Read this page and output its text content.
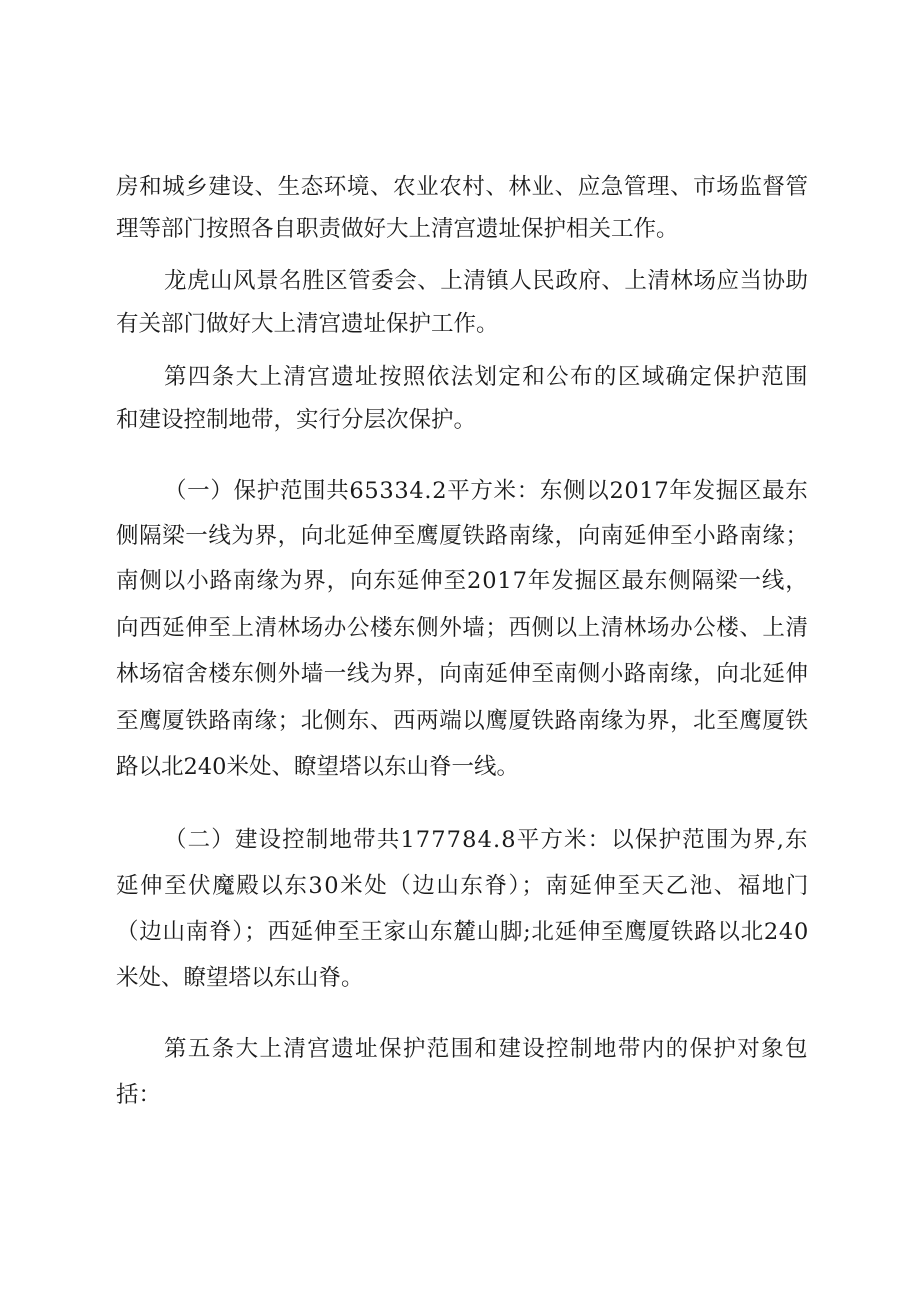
房和城乡建设、生态环境、农业农村、林业、应急管理、市场监督管
理等部门按照各自职责做好大上清宫遗址保护相关工作。
龙虎山风景名胜区管委会、上清镇人民政府、上清林场应当协助
有关部门做好大上清宫遗址保护工作。
第四条大上清宫遗址按照依法划定和公布的区域确定保护范围
和建设控制地带，实行分层次保护。
（一）保护范围共65334.2平方米：东侧以2017年发掘区最东
侧隔梁一线为界，向北延伸至鹰厦铁路南缘，向南延伸至小路南缘；
南侧以小路南缘为界，向东延伸至2017年发掘区最东侧隔梁一线，
向西延伸至上清林场办公楼东侧外墙；西侧以上清林场办公楼、上清
林场宿舍楼东侧外墙一线为界，向南延伸至南侧小路南缘，向北延伸
至鹰厦铁路南缘；北侧东、西两端以鹰厦铁路南缘为界，北至鹰厦铁
路以北240米处、瞭望塔以东山脊一线。
（二）建设控制地带共177784.8平方米：以保护范围为界,东
延伸至伏魔殿以东30米处（边山东脊）；南延伸至天乙池、福地门
（边山南脊）；西延伸至王家山东麓山脚;北延伸至鹰厦铁路以北240
米处、瞭望塔以东山脊。
第五条大上清宫遗址保护范围和建设控制地带内的保护对象包
括：
